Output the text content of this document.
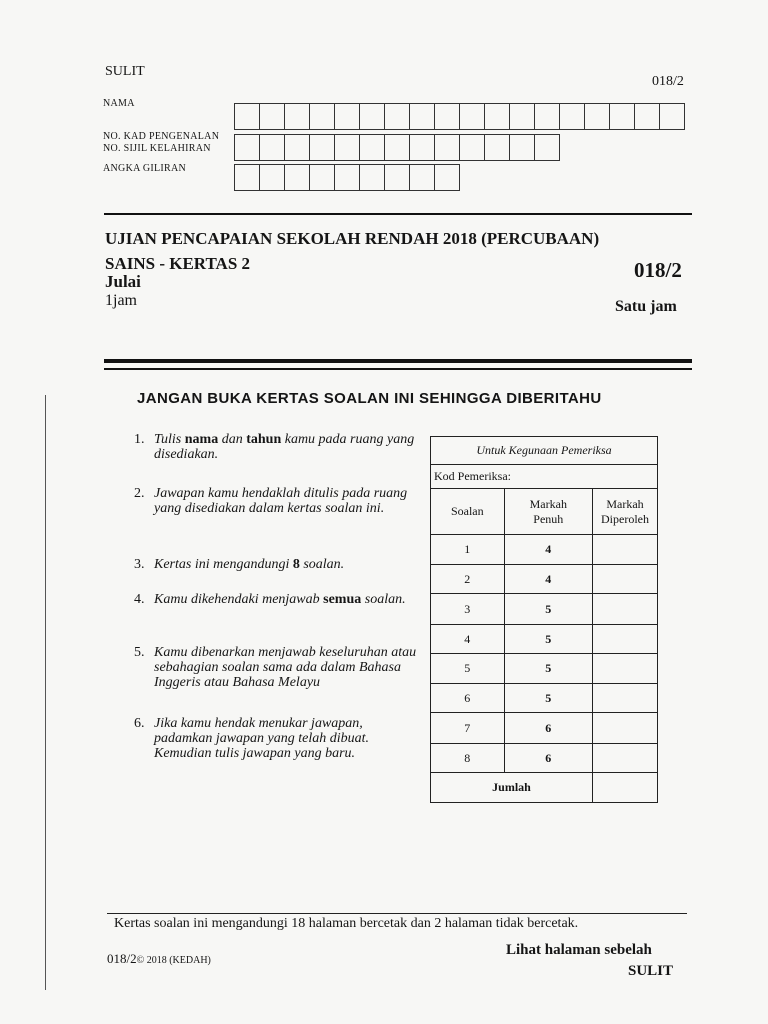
SULIT
018/2
NAMA
NO. KAD PENGENALAN
NO. SIJIL KELAHIRAN
ANGKA GILIRAN
UJIAN PENCAPAIAN SEKOLAH RENDAH 2018 (PERCUBAAN)
SAINS - KERTAS 2
Julai
1jam
018/2
Satu jam
JANGAN BUKA KERTAS SOALAN INI SEHINGGA DIBERITAHU
1. Tulis nama dan tahun kamu pada ruang yang disediakan.
2. Jawapan kamu hendaklah ditulis pada ruang yang disediakan dalam kertas soalan ini.
3. Kertas ini mengandungi 8 soalan.
4. Kamu dikehendaki menjawab semua soalan.
5. Kamu dibenarkan menjawab keseluruhan atau sebahagian soalan sama ada dalam Bahasa Inggeris atau Bahasa Melayu
6. Jika kamu hendak menukar jawapan, padamkan jawapan yang telah dibuat. Kemudian tulis jawapan yang baru.
Untuk Kegunaan Pemeriksa		
Kod Pemeriksa:		
Soalan	Markah Penuh	Markah Diperoleh
1	4	
2	4	
3	5	
4	5	
5	5	
6	5	
7	6	
8	6	
Jumlah		
Kertas soalan ini mengandungi 18 halaman bercetak dan 2 halaman tidak bercetak.
Lihat halaman sebelah
018/2© 2018 (KEDAH)
SULIT
